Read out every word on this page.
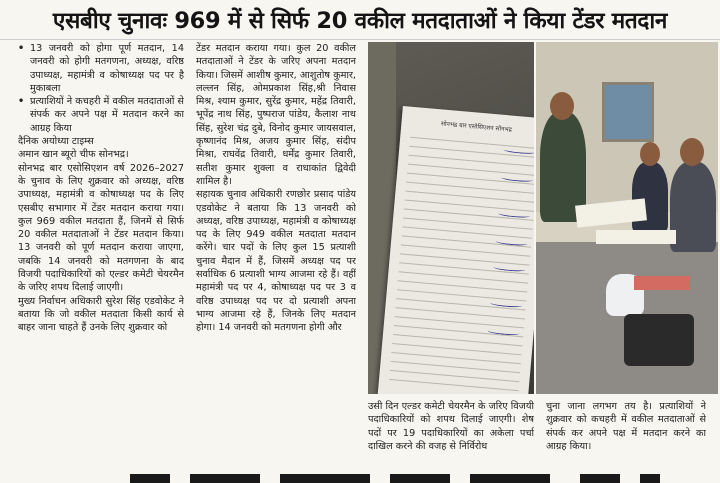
एसबीए चुनावः 969 में से सिर्फ 20 वकील मतदाताओं ने किया टेंडर मतदान

• 13 जनवरी को होगा पूर्ण मतदान, 14 जनवरी को होगी मतगणना, अध्यक्ष, वरिष्ठ उपाध्यक्ष, महामंत्री व कोषाध्यक्ष पद पर है मुकाबला

• प्रत्याशियों ने कचहरी में वकील मतदाताओं से संपर्क कर अपने पक्ष में मतदान करने का आग्रह किया

दैनिक अयोध्या टाइम्स

अमान खान ब्यूरो चीफ सोनभद्र।

सोनभद्र बार एसोसिएशन वर्ष 2026–2027 के चुनाव के लिए शुक्रवार को अध्यक्ष, वरिष्ठ उपाध्यक्ष, महामंत्री व कोषाध्यक्ष पद के लिए एसबीए सभागार में टेंडर मतदान कराया गया। कुल 969 वकील मतदाता हैं, जिनमें से सिर्फ 20 वकील मतदाताओं ने टेंडर मतदान किया। 13 जनवरी को पूर्ण मतदान कराया जाएगा, जबकि 14 जनवरी को मतगणना के बाद विजयी पदाधिकारियों को एल्डर कमेटी चेयरमैन के जरिए शपथ दिलाई जाएगी।

मुख्य निर्वाचन अधिकारी सुरेश सिंह एडवोकेट ने बताया कि जो वकील मतदाता किसी कार्य से बाहर जाना चाहते हैं उनके लिए शुक्रवार को

टेंडर मतदान कराया गया। कुल 20 वकील मतदाताओं ने टेंडर के जरिए अपना मतदान किया। जिसमें आशीष कुमार, आशुतोष कुमार, लल्लन सिंह, ओमप्रकाश सिंह,श्री निवास मिश्र, श्याम कुमार, सुरेंद्र कुमार, महेंद्र तिवारी, भूपेंद्र नाथ सिंह, पुष्पराज पांडेय, कैलाश नाथ सिंह, सुरेश चंद्र दुबे, विनोद कुमार जायसवाल, कृष्णानंद मिश्र, अजय कुमार सिंह, संदीप मिश्रा, राघवेंद्र तिवारी, धर्मेंद्र कुमार तिवारी, सतीश कुमार शुक्ला व राधाकांत द्विवेदी शामिल है।

सहायक चुनाव अधिकारी रणछोर प्रसाद पांडेय एडवोकेट ने बताया कि 13 जनवरी को अध्यक्ष, वरिष्ठ उपाध्यक्ष, महामंत्री व कोषाध्यक्ष पद के लिए 949 वकील मतदाता मतदान करेंगे। चार पदों के लिए कुल 15 प्रत्याशी चुनाव मैदान में हैं, जिसमें अध्यक्ष पद पर सर्वाधिक 6 प्रत्याशी भाग्य आजमा रहे हैं। वहीं महामंत्री पद पर 4, कोषाध्यक्ष पद पर 3 व वरिष्ठ उपाध्यक्ष पद पर दो प्रत्याशी अपना भाग्य आजमा रहे हैं, जिनके लिए मतदान होगा। 14 जनवरी को मतगणना होगी और

सोनभद्र बार एसोसिएशन सोनभद्र

उसी दिन एल्डर कमेटी चेयरमैन के जरिए विजयी पदाधिकारियों को शपथ दिलाई जाएगी। शेष पदों पर 19 पदाधिकारियों का अकेला पर्चा दाखिल करने की वजह से निर्विरोध

चुना जाना लगभग तय है। प्रत्याशियों ने शुक्रवार को कचहरी में वकील मतदाताओं से संपर्क कर अपने पक्ष में मतदान करने का आग्रह किया।
